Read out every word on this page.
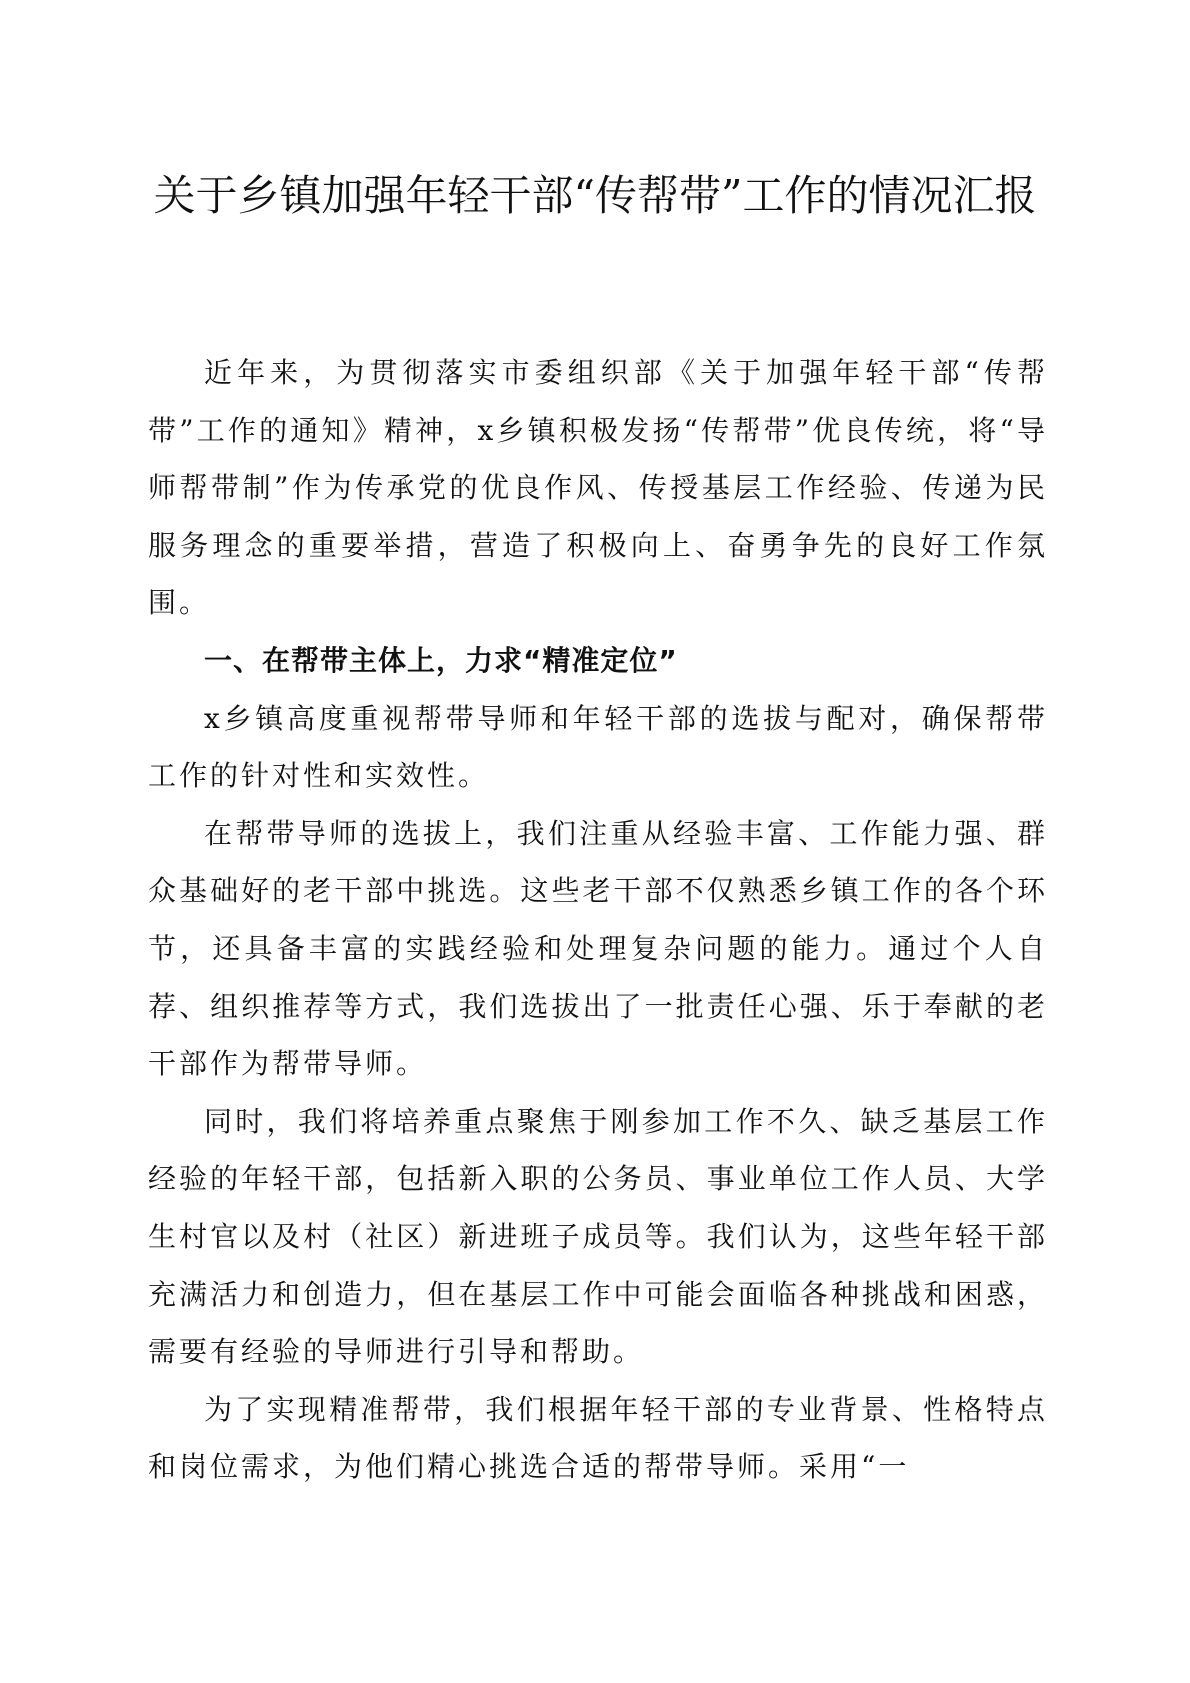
关于乡镇加强年轻干部“传帮带”工作的情况汇报

近年来，为贯彻落实市委组织部《关于加强年轻干部“传帮带”工作的通知》精神，x乡镇积极发扬“传帮带”优良传统，将“导师帮带制”作为传承党的优良作风、传授基层工作经验、传递为民服务理念的重要举措，营造了积极向上、奋勇争先的良好工作氛围。

一、在帮带主体上，力求“精准定位”

x乡镇高度重视帮带导师和年轻干部的选拔与配对，确保帮带工作的针对性和实效性。

在帮带导师的选拔上，我们注重从经验丰富、工作能力强、群众基础好的老干部中挑选。这些老干部不仅熟悉乡镇工作的各个环节，还具备丰富的实践经验和处理复杂问题的能力。通过个人自荐、组织推荐等方式，我们选拔出了一批责任心强、乐于奉献的老干部作为帮带导师。

同时，我们将培养重点聚焦于刚参加工作不久、缺乏基层工作经验的年轻干部，包括新入职的公务员、事业单位工作人员、大学生村官以及村（社区）新进班子成员等。我们认为，这些年轻干部充满活力和创造力，但在基层工作中可能会面临各种挑战和困惑，需要有经验的导师进行引导和帮助。

为了实现精准帮带，我们根据年轻干部的专业背景、性格特点和岗位需求，为他们精心挑选合适的帮带导师。采用“一
